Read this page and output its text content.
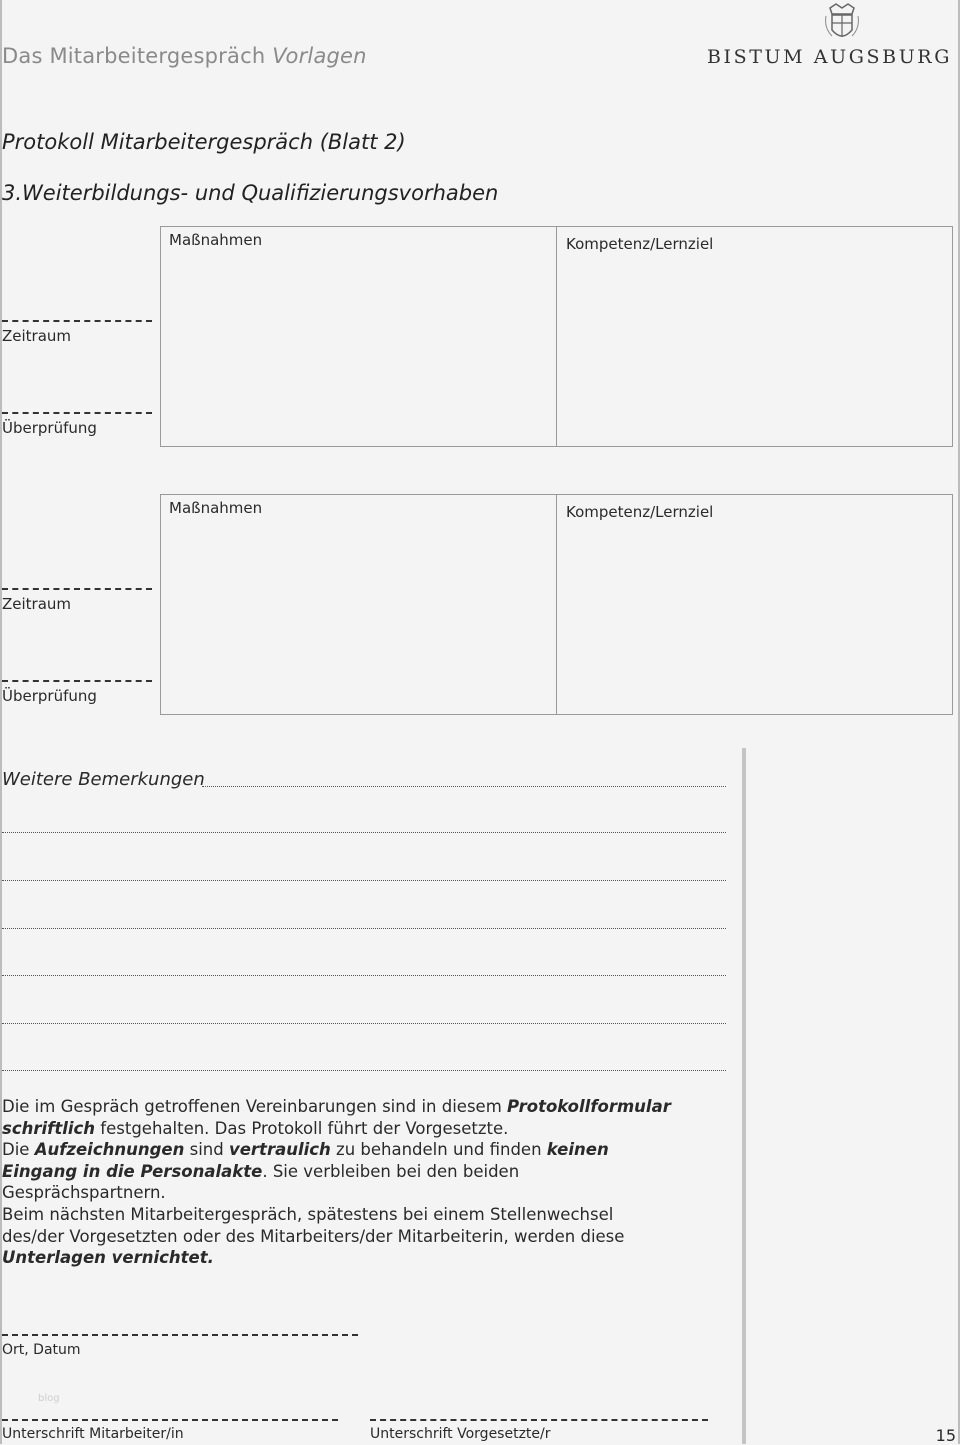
Das Mitarbeitergespräch Vorlagen	BISTUM AUGSBURG
Protokoll Mitarbeitergespräch (Blatt 2)
3.Weiterbildungs- und Qualifizierungsvorhaben
Maßnahmen	Kompetenz/Lernziel
Zeitraum
Überprüfung
Maßnahmen	Kompetenz/Lernziel
Zeitraum
Überprüfung
Weitere Bemerkungen
Die im Gespräch getroffenen Vereinbarungen sind in diesem Protokollformular schriftlich festgehalten. Das Protokoll führt der Vorgesetzte.
Die Aufzeichnungen sind vertraulich zu behandeln und finden keinen Eingang in die Personalakte. Sie verbleiben bei den beiden Gesprächspartnern.
Beim nächsten Mitarbeitergespräch, spätestens bei einem Stellenwechsel des/der Vorgesetzten oder des Mitarbeiters/der Mitarbeiterin, werden diese Unterlagen vernichtet.
Ort, Datum
blog
Unterschrift Mitarbeiter/in	Unterschrift Vorgesetzte/r	15
